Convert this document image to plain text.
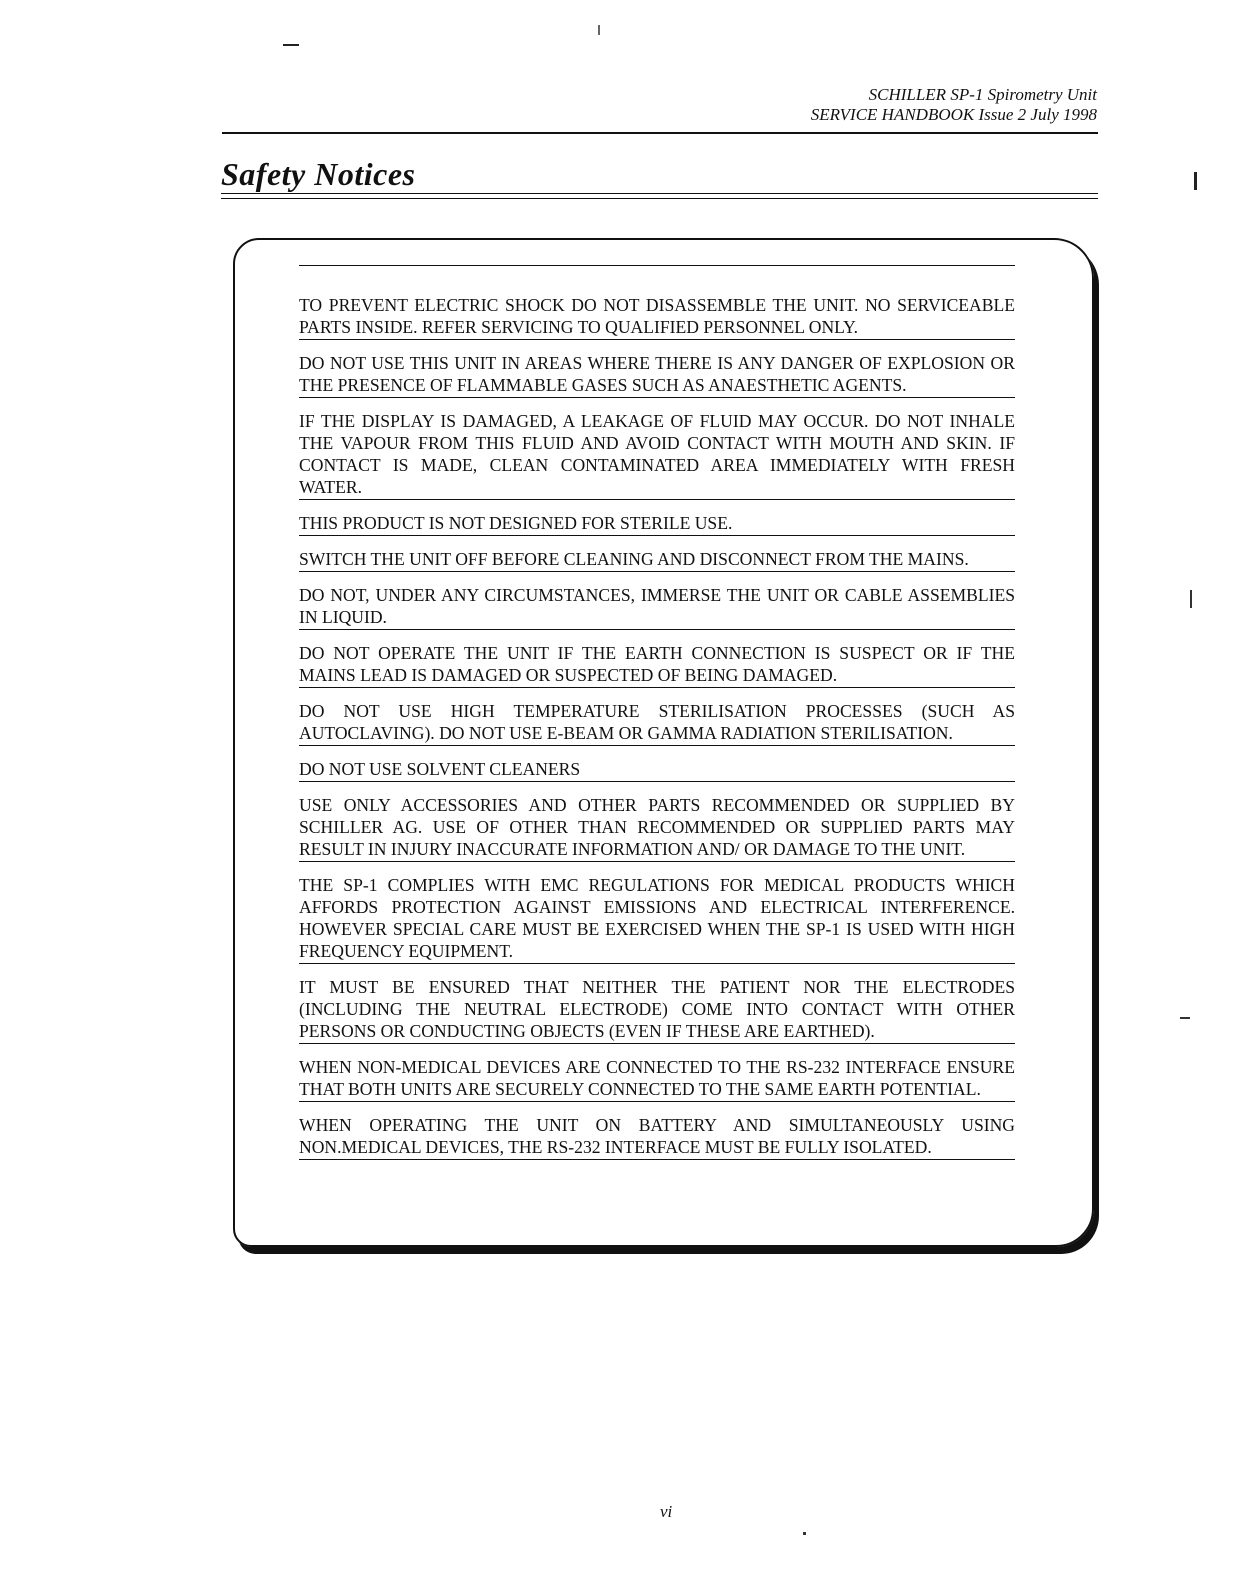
SCHILLER SP-1 Spirometry Unit
SERVICE HANDBOOK Issue 2 July 1998
Safety Notices
TO PREVENT ELECTRIC SHOCK DO NOT DISASSEMBLE THE UNIT. NO SERVICEABLE PARTS INSIDE. REFER SERVICING TO QUALIFIED PERSONNEL ONLY.
DO NOT USE THIS UNIT IN AREAS WHERE THERE IS ANY DANGER OF EXPLOSION OR THE PRESENCE OF FLAMMABLE GASES SUCH AS ANAESTHETIC AGENTS.
IF THE DISPLAY IS DAMAGED, A LEAKAGE OF FLUID MAY OCCUR. DO NOT INHALE THE VAPOUR FROM THIS FLUID AND AVOID CONTACT WITH MOUTH AND SKIN. IF CONTACT IS MADE, CLEAN CONTAMINATED AREA IMMEDIATELY WITH FRESH WATER.
THIS PRODUCT IS NOT DESIGNED FOR STERILE USE.
SWITCH THE UNIT OFF BEFORE CLEANING AND DISCONNECT FROM THE MAINS.
DO NOT, UNDER ANY CIRCUMSTANCES, IMMERSE THE UNIT OR CABLE ASSEMBLIES IN LIQUID.
DO NOT OPERATE THE UNIT IF THE EARTH CONNECTION IS SUSPECT OR IF THE MAINS LEAD IS DAMAGED OR SUSPECTED OF BEING DAMAGED.
DO NOT USE HIGH TEMPERATURE STERILISATION PROCESSES (SUCH AS AUTOCLAVING). DO NOT USE E-BEAM OR GAMMA RADIATION STERILISATION.
DO NOT USE SOLVENT CLEANERS
USE ONLY ACCESSORIES AND OTHER PARTS RECOMMENDED OR SUPPLIED BY SCHILLER AG. USE OF OTHER THAN RECOMMENDED OR SUPPLIED PARTS MAY RESULT IN INJURY INACCURATE INFORMATION AND/ OR DAMAGE TO THE UNIT.
THE SP-1 COMPLIES WITH EMC REGULATIONS FOR MEDICAL PRODUCTS WHICH AFFORDS PROTECTION AGAINST EMISSIONS AND ELECTRICAL INTERFERENCE. HOWEVER SPECIAL CARE MUST BE EXERCISED WHEN THE SP-1 IS USED WITH HIGH FREQUENCY EQUIPMENT.
IT MUST BE ENSURED THAT NEITHER THE PATIENT NOR THE ELECTRODES (INCLUDING THE NEUTRAL ELECTRODE) COME INTO CONTACT WITH OTHER PERSONS OR CONDUCTING OBJECTS (EVEN IF THESE ARE EARTHED).
WHEN NON-MEDICAL DEVICES ARE CONNECTED TO THE RS-232 INTERFACE ENSURE THAT BOTH UNITS ARE SECURELY CONNECTED TO THE SAME EARTH POTENTIAL.
WHEN OPERATING THE UNIT ON BATTERY AND SIMULTANEOUSLY USING NON.MEDICAL DEVICES, THE RS-232 INTERFACE MUST BE FULLY ISOLATED.
vi
